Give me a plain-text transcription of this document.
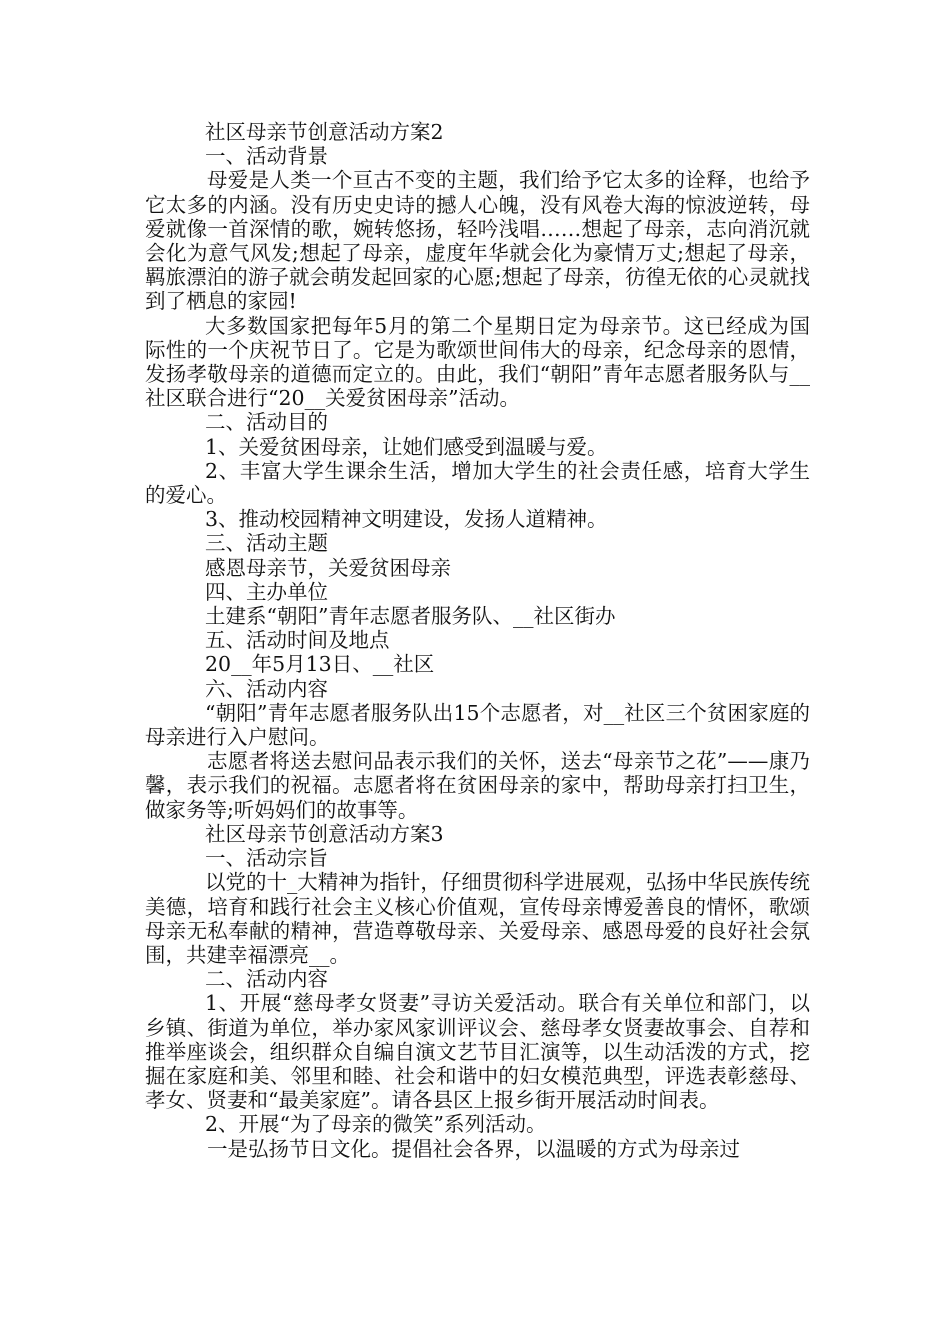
社区母亲节创意活动方案2
一、活动背景
母爱是人类一个亘古不变的主题，我们给予它太多的诠释，也给予它太多的内涵。没有历史史诗的撼人心魄，没有风卷大海的惊波逆转，母爱就像一首深情的歌，婉转悠扬，轻吟浅唱……想起了母亲，志向消沉就会化为意气风发;想起了母亲，虚度年华就会化为豪情万丈;想起了母亲，羁旅漂泊的游子就会萌发起回家的心愿;想起了母亲，彷徨无依的心灵就找到了栖息的家园!
大多数国家把每年5月的第二个星期日定为母亲节。这已经成为国际性的一个庆祝节日了。它是为歌颂世间伟大的母亲，纪念母亲的恩情，发扬孝敬母亲的道德而定立的。由此，我们“朝阳”青年志愿者服务队与__社区联合进行“20__关爱贫困母亲”活动。
二、活动目的
1、关爱贫困母亲，让她们感受到温暖与爱。
2、丰富大学生课余生活，增加大学生的社会责任感，培育大学生的爱心。
3、推动校园精神文明建设，发扬人道精神。
三、活动主题
感恩母亲节，关爱贫困母亲
四、主办单位
土建系“朝阳”青年志愿者服务队、__社区街办
五、活动时间及地点
20__年5月13日、__社区
六、活动内容
“朝阳”青年志愿者服务队出15个志愿者，对__社区三个贫困家庭的母亲进行入户慰问。
志愿者将送去慰问品表示我们的关怀，送去“母亲节之花”——康乃馨，表示我们的祝福。志愿者将在贫困母亲的家中，帮助母亲打扫卫生，做家务等;听妈妈们的故事等。
社区母亲节创意活动方案3
一、活动宗旨
以党的十_大精神为指针，仔细贯彻科学进展观，弘扬中华民族传统美德，培育和践行社会主义核心价值观，宣传母亲博爱善良的情怀，歌颂母亲无私奉献的精神，营造尊敬母亲、关爱母亲、感恩母爱的良好社会氛围，共建幸福漂亮__。
二、活动内容
1、开展“慈母孝女贤妻”寻访关爱活动。联合有关单位和部门，以乡镇、街道为单位，举办家风家训评议会、慈母孝女贤妻故事会、自荐和推举座谈会，组织群众自编自演文艺节目汇演等，以生动活泼的方式，挖掘在家庭和美、邻里和睦、社会和谐中的妇女模范典型，评选表彰慈母、孝女、贤妻和“最美家庭”。请各县区上报乡街开展活动时间表。
2、开展“为了母亲的微笑”系列活动。
一是弘扬节日文化。提倡社会各界，以温暖的方式为母亲过
